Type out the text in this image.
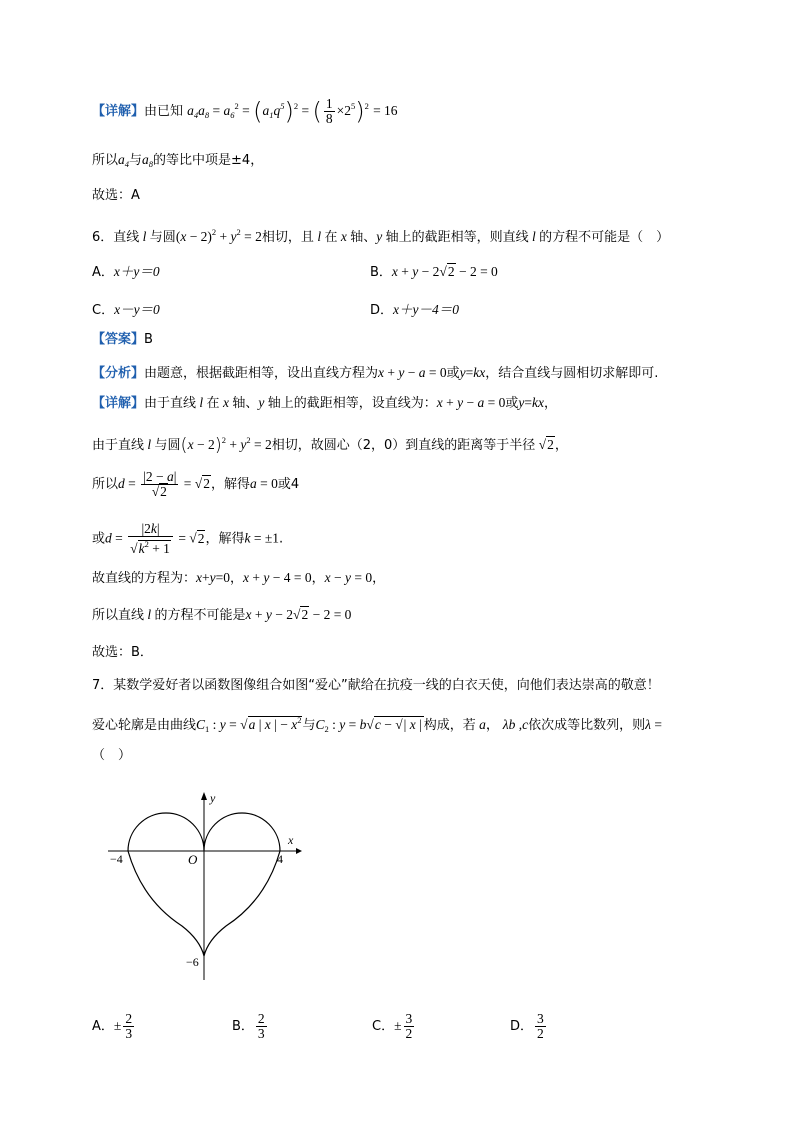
【详解】由已知 $a_4a_8 = a_6^2 = (a_1q^5)^2$ = ( $\frac{1}{8} \times 2^5)^2 = 16$
所以$a_4$与$a_8$的等比中项是±4，
故选：A
6．直线 l 与圆$(x - 2)^2 + y^2 = 2$相切，且 l 在 x 轴、y 轴上的截距相等，则直线 l 的方程不可能是（　）
A．x＋y＝0	B．x + y − 2√2 − 2 = 0
C．x－y＝0	D．x＋y－4＝0
【答案】B
【分析】由题意，根据截距相等，设出直线方程为x + y − a = 0或y=kx，结合直线与圆相切求解即可.
【详解】由于直线 l 在 x 轴、y 轴上的截距相等，设直线为：x + y − a = 0或y=kx，
由于直线 l 与圆$(x - 2)^2 + y^2 = 2$相切，故圆心（2，0）到直线的距离等于半径 √2，
所以$d = \frac{|2 - a|}{√2} = √2$，解得a = 0或4
或$d = \frac{|2k|}{√k^2 + 1} = √2$，解得k = ±1.
故直线的方程为：x+y=0，x + y − 4 = 0，x − y = 0，
所以直线 l 的方程不可能是x + y − 2√2 − 2 = 0
故选：B．
7．某数学爱好者以函数图像组合如图“爱心”献给在抗疫一线的白衣天使，向他们表达崇高的敬意！
爱心轮廓是由曲线$C_1$ : y = √a | x | − $x^2$与$C_2$ : y = b√c − √| x | 构成，若 a， λb ,c依次成等比数列，则λ =
（　）
y
x
O
−4	4
−6
A．± $\frac{2}{3}$	B． $\frac{2}{3}$	C．± $\frac{3}{2}$	D． $\frac{3}{2}$
